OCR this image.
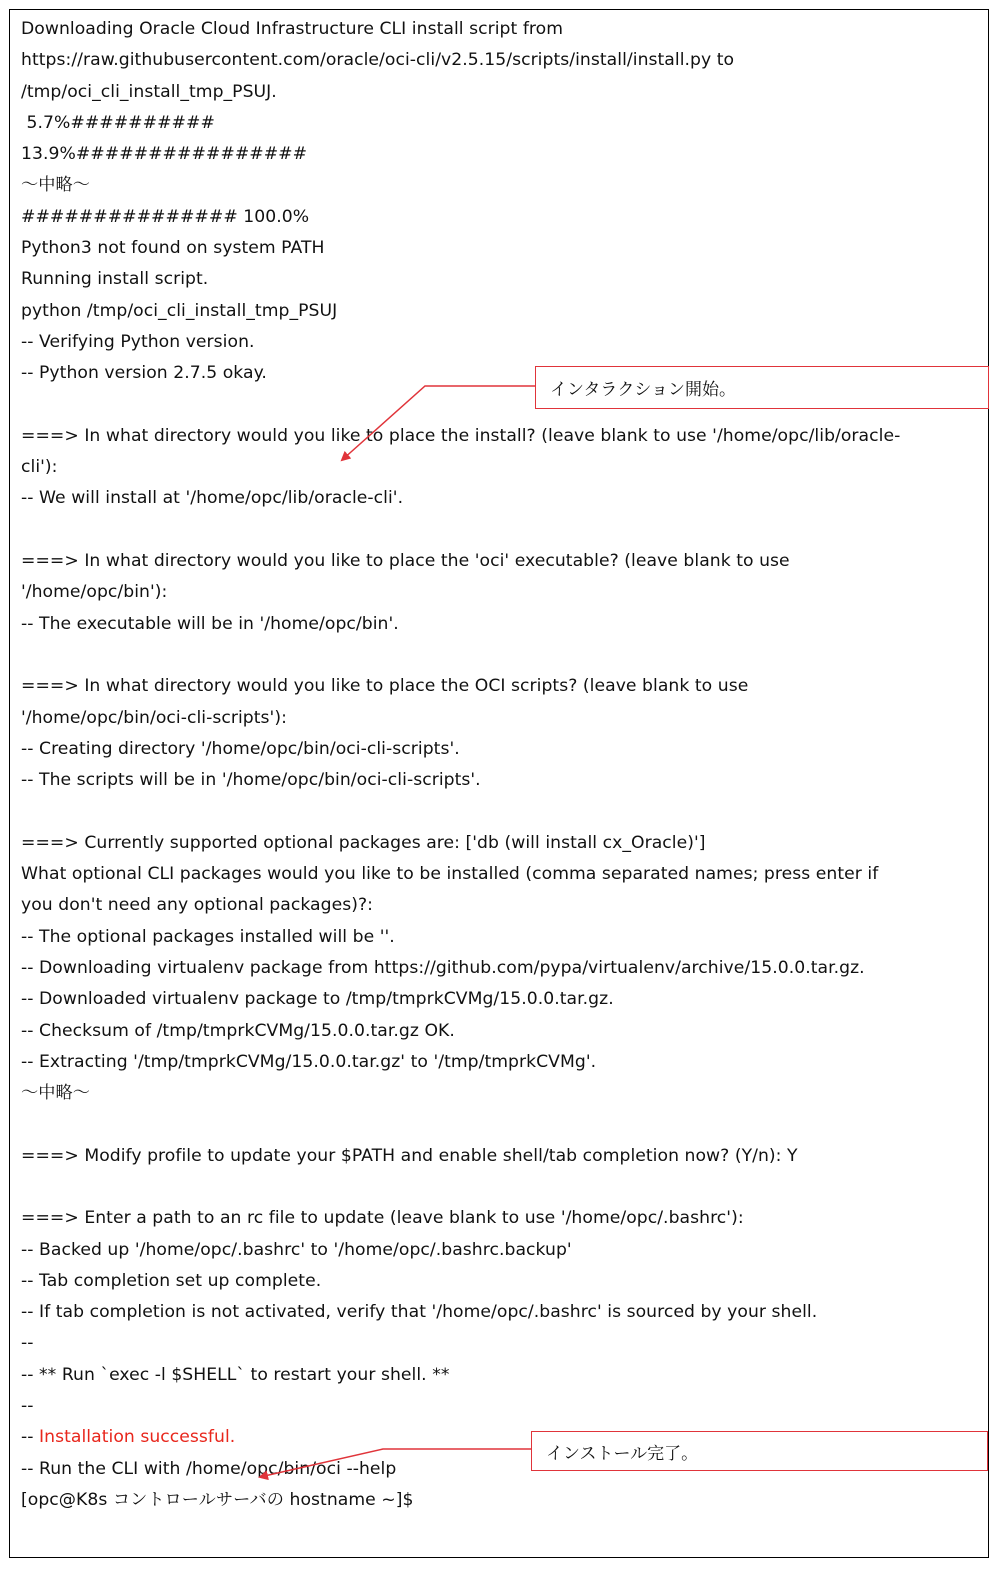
Downloading Oracle Cloud Infrastructure CLI install script from
https://raw.githubusercontent.com/oracle/oci-cli/v2.5.15/scripts/install/install.py to
/tmp/oci_cli_install_tmp_PSUJ.
5.7%##########
13.9%################
～中略～
############### 100.0%
Python3 not found on system PATH
Running install script.
python /tmp/oci_cli_install_tmp_PSUJ
-- Verifying Python version.
-- Python version 2.7.5 okay.
===> In what directory would you like to place the install? (leave blank to use '/home/opc/lib/oracle-
cli'):
-- We will install at '/home/opc/lib/oracle-cli'.
===> In what directory would you like to place the 'oci' executable? (leave blank to use
'/home/opc/bin'):
-- The executable will be in '/home/opc/bin'.
===> In what directory would you like to place the OCI scripts? (leave blank to use
'/home/opc/bin/oci-cli-scripts'):
-- Creating directory '/home/opc/bin/oci-cli-scripts'.
-- The scripts will be in '/home/opc/bin/oci-cli-scripts'.
===> Currently supported optional packages are: ['db (will install cx_Oracle)']
What optional CLI packages would you like to be installed (comma separated names; press enter if
you don't need any optional packages)?:
-- The optional packages installed will be ''.
-- Downloading virtualenv package from https://github.com/pypa/virtualenv/archive/15.0.0.tar.gz.
-- Downloaded virtualenv package to /tmp/tmprkCVMg/15.0.0.tar.gz.
-- Checksum of /tmp/tmprkCVMg/15.0.0.tar.gz OK.
-- Extracting '/tmp/tmprkCVMg/15.0.0.tar.gz' to '/tmp/tmprkCVMg'.
～中略～
===> Modify profile to update your $PATH and enable shell/tab completion now? (Y/n): Y
===> Enter a path to an rc file to update (leave blank to use '/home/opc/.bashrc'):
-- Backed up '/home/opc/.bashrc' to '/home/opc/.bashrc.backup'
-- Tab completion set up complete.
-- If tab completion is not activated, verify that '/home/opc/.bashrc' is sourced by your shell.
--
-- ** Run `exec -l $SHELL` to restart your shell. **
--
-- Installation successful.
-- Run the CLI with /home/opc/bin/oci --help
[opc@K8s コントロールサーバの hostname ~]$
インタラクション開始。
インストール完了。
